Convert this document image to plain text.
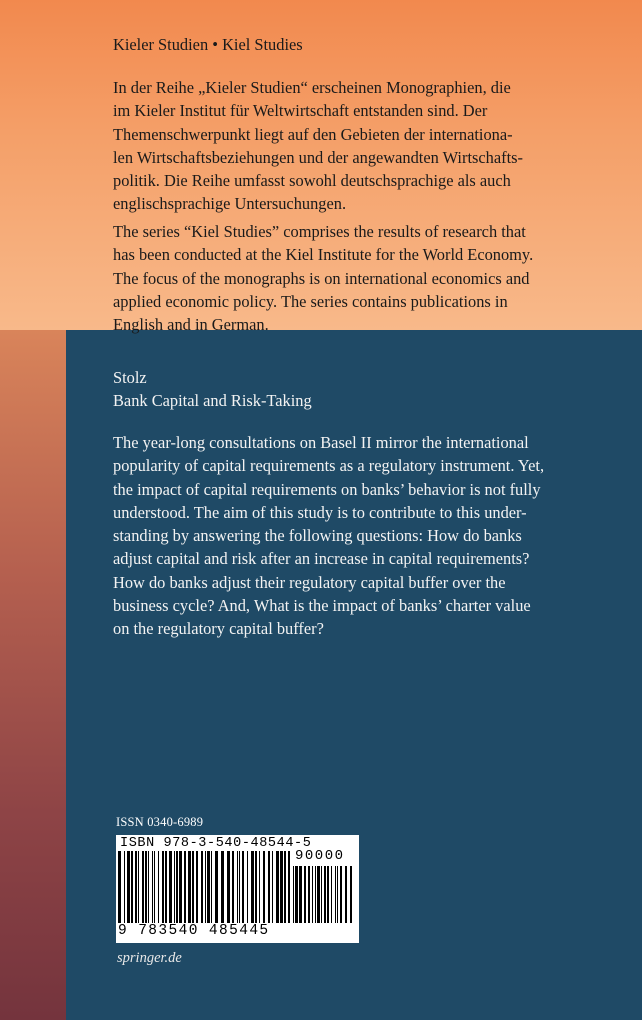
Kieler Studien • Kiel Studies
In der Reihe „Kieler Studien“ erscheinen Monographien, die
im Kieler Institut für Weltwirtschaft entstanden sind. Der
Themenschwerpunkt liegt auf den Gebieten der internationa-
len Wirtschaftsbeziehungen und der angewandten Wirtschafts-
politik. Die Reihe umfasst sowohl deutschsprachige als auch
englischsprachige Untersuchungen.
The series “Kiel Studies” comprises the results of research that
has been conducted at the Kiel Institute for the World Economy.
The focus of the monographs is on international economics and
applied economic policy. The series contains publications in
English and in German.
Stolz
Bank Capital and Risk-Taking
The year-long consultations on Basel II mirror the international
popularity of capital requirements as a regulatory instrument. Yet,
the impact of capital requirements on banks’ behavior is not fully
understood. The aim of this study is to contribute to this under-
standing by answering the following questions: How do banks
adjust capital and risk after an increase in capital requirements?
How do banks adjust their regulatory capital buffer over the
business cycle? And, What is the impact of banks’ charter value
on the regulatory capital buffer?
ISSN 0340-6989
ISBN 978-3-540-48544-5
90000
9 783540 485445
springer.de
